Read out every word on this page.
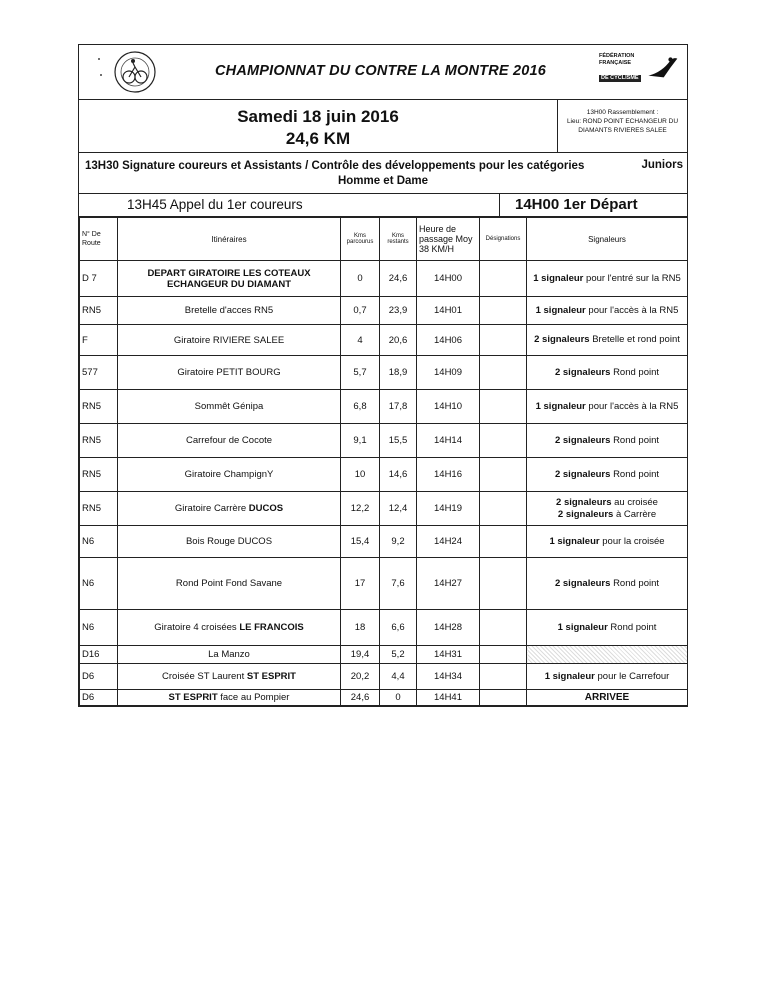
CHAMPIONNAT DU CONTRE LA MONTRE 2016
FÉDÉRATION
FRANÇAISE
DE CYCLISME
Samedi 18 juin 2016
24,6 KM
13H00 Rassemblement :
Lieu: ROND POINT ECHANGEUR DU
DIAMANTS RIVIERES SALEE
13H30 Signature coureurs et Assistants / Contrôle des développements pour les catégories	Juniors
Homme et Dame
13H45 Appel du 1er coureurs	14H00 1er Départ
N° De Route	Itinéraires	Kms parcourus	Kms restants	Heure de passage Moy 38 KM/H	Désignations	Signaleurs
D 7	DEPART GIRATOIRE LES COTEAUX ECHANGEUR DU DIAMANT	0	24,6	14H00		1 signaleur pour l'entré sur la RN5
RN5	Bretelle d'acces RN5	0,7	23,9	14H01		1 signaleur pour l'accès à la RN5
F	Giratoire RIVIERE SALEE	4	20,6	14H06		2 signaleurs Bretelle et rond point
577	Giratoire PETIT BOURG	5,7	18,9	14H09		2 signaleurs Rond point
RN5	Sommêt Génipa	6,8	17,8	14H10		1 signaleur pour l'accès à la RN5
RN5	Carrefour de Cocote	9,1	15,5	14H14		2 signaleurs Rond point
RN5	Giratoire ChampignY	10	14,6	14H16		2 signaleurs Rond point
RN5	Giratoire Carrère DUCOS	12,2	12,4	14H19		2 signaleurs au croisée
2 signaleurs à Carrère
N6	Bois Rouge DUCOS	15,4	9,2	14H24		1 signaleur pour la croisée
N6	Rond Point Fond Savane	17	7,6	14H27		2 signaleurs Rond point
N6	Giratoire 4 croisées LE FRANCOIS	18	6,6	14H28		1 signaleur Rond point
D16	La Manzo	19,4	5,2	14H31		
D6	Croisée ST Laurent ST ESPRIT	20,2	4,4	14H34		1 signaleur pour le Carrefour
D6	ST ESPRIT face au Pompier	24,6	0	14H41		ARRIVEE
